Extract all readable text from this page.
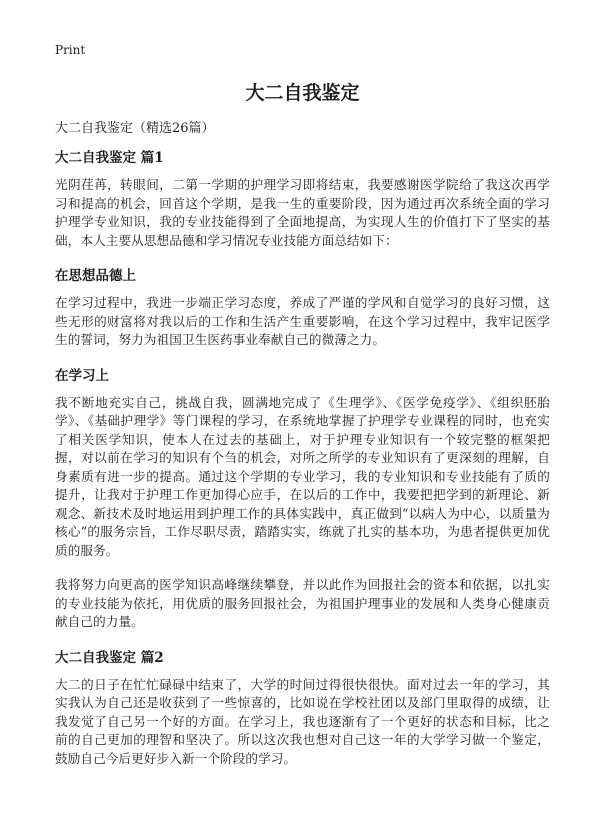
Print
大二自我鉴定
大二自我鉴定（精选26篇）
大二自我鉴定 篇1

光阴荏苒，转眼间，二第一学期的护理学习即将结束，我要感谢医学院给了我这次再学习和提高的机会，回首这个学期，是我一生的重要阶段，因为通过再次系统全面的学习护理学专业知识，我的专业技能得到了全面地提高，为实现人生的价值打下了坚实的基础，本人主要从思想品德和学习情况专业技能方面总结如下：

在思想品德上

在学习过程中，我进一步端正学习态度，养成了严谨的学风和自觉学习的良好习惯，这些无形的财富将对我以后的工作和生活产生重要影响，在这个学习过程中，我牢记医学生的誓词，努力为祖国卫生医药事业奉献自己的微薄之力。

在学习上

我不断地充实自己，挑战自我，圆满地完成了《生理学》、《医学免疫学》、《组织胚胎学》、《基础护理学》等门课程的学习，在系统地掌握了护理学专业课程的同时，也充实了相关医学知识，使本人在过去的基础上，对于护理专业知识有一个较完整的框架把握，对以前在学习的知识有个刍的机会，对所之所学的专业知识有了更深刻的理解，自身素质有进一步的提高。通过这个学期的专业学习，我的专业知识和专业技能有了质的提升，让我对于护理工作更加得心应手，在以后的工作中，我要把把学到的新理论、新观念、新技术及时地运用到护理工作的具体实践中，真正做到“以病人为中心，以质量为核心”的服务宗旨，工作尽职尽责，踏踏实实，练就了扎实的基本功，为患者提供更加优质的服务。

我将努力向更高的医学知识高峰继续攀登，并以此作为回报社会的资本和依据，以扎实的专业技能为依托，用优质的服务回报社会，为祖国护理事业的发展和人类身心健康贡献自己的力量。

大二自我鉴定 篇2

大二的日子在忙忙碌碌中结束了，大学的时间过得很快很快。面对过去一年的学习，其实我认为自己还是收获到了一些惊喜的，比如说在学校社团以及部门里取得的成绩，让我发觉了自己另一个好的方面。在学习上，我也逐渐有了一个更好的状态和目标，比之前的自己更加的理智和坚决了。所以这次我也想对自己这一年的大学学习做一个鉴定，鼓励自己今后更好步入新一个阶段的学习。
